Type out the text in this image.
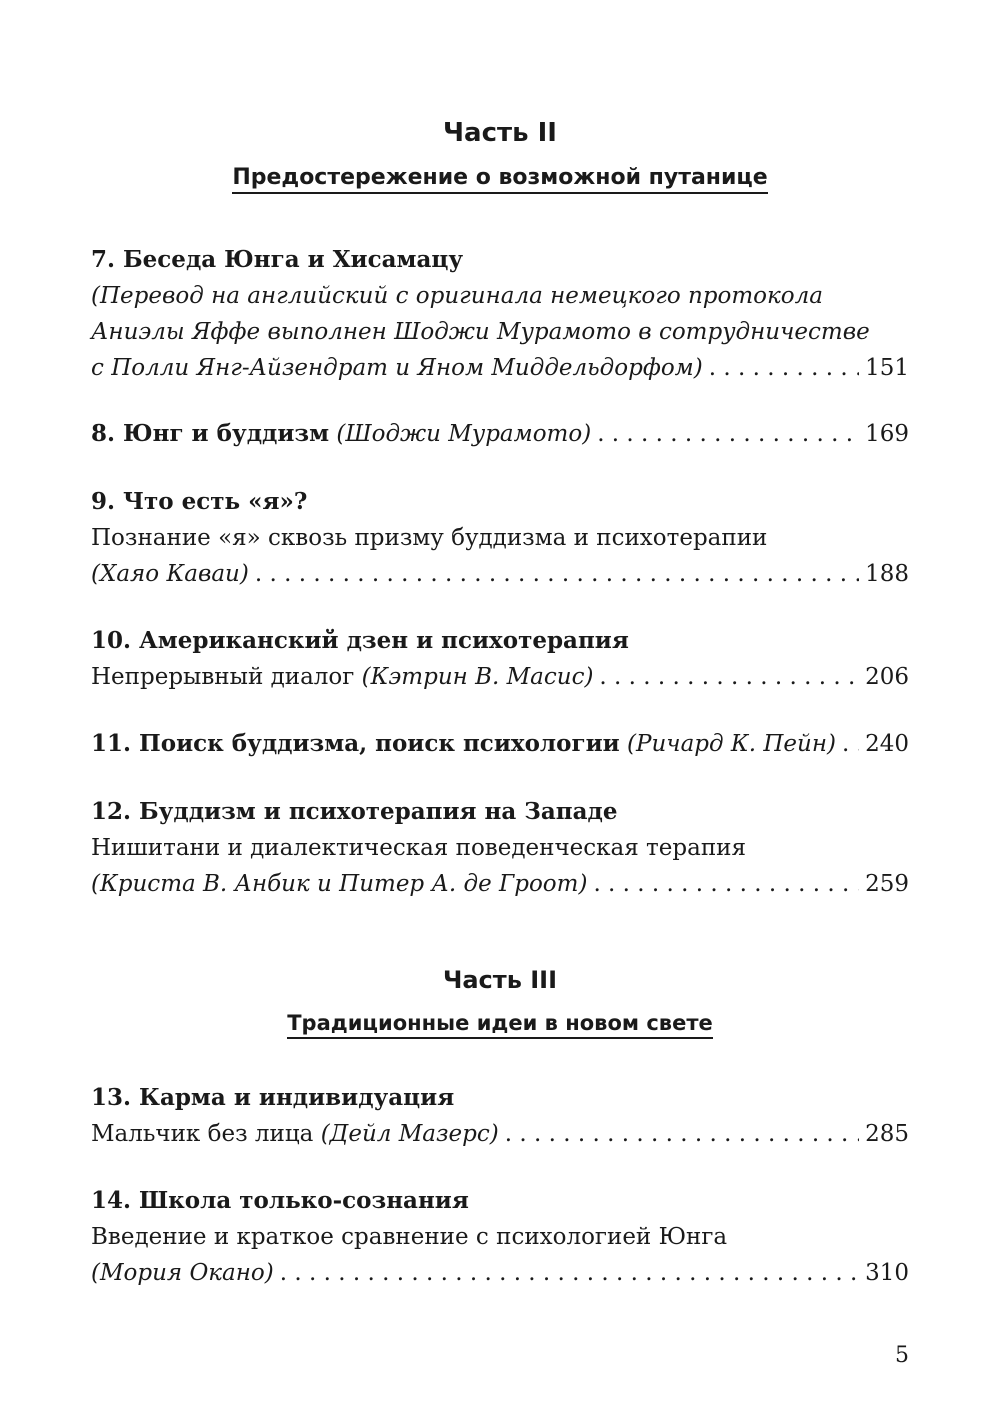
Часть II
Предостережение о возможной путанице
7. Беседа Юнга и Хисамацу
(Перевод на английский с оригинала немецкого протокола
Аниэлы Яффе выполнен Шоджи Мурамото в сотрудничестве
с Полли Янг-Айзендрат и Яном Миддельдорфом) . . .	151
8. Юнг и буддизм (Шоджи Мурамото) . . .	169
9. Что есть «я»?
Познание «я» сквозь призму буддизма и психотерапии
(Хаяо Каваи) . . .	188
10. Американский дзен и психотерапия
Непрерывный диалог (Кэтрин В. Масис) . . .	206
11. Поиск буддизма, поиск психологии (Ричард К. Пейн) . . . 240
12. Буддизм и психотерапия на Западе
Нишитани и диалектическая поведенческая терапия
(Криста В. Анбик и Питер А. де Гроот) . . .	259
Часть III
Традиционные идеи в новом свете
13. Карма и индивидуация
Мальчик без лица (Дейл Мазерс) . . .	285
14. Школа только-сознания
Введение и краткое сравнение с психологией Юнга
(Мория Окано) . . .	310
5
